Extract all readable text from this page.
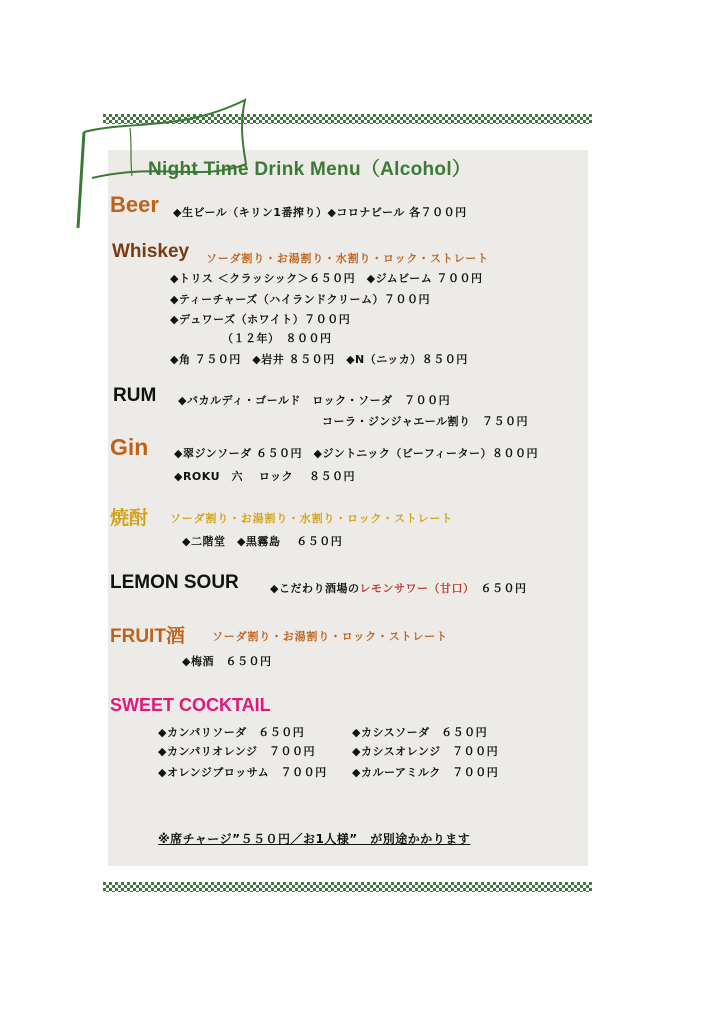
Night Time Drink Menu（Alcohol）
Beer ◆生ビール（キリン1番搾り）◆コロナビール 各７００円
Whiskey ソーダ割り・お湯割り・水割り・ロック・ストレート
◆トリス ＜クラッシック＞６５０円　◆ジムビーム ７００円
◆ティーチャーズ（ハイランドクリーム）７００円
◆デュワーズ（ホワイト）７００円
（１２年）　８００円
◆角 ７５０円　◆岩井 ８５０円　◆N（ニッカ）８５０円
RUM ◆バカルディ・ゴールド　ロック・ソーダ　７００円
コーラ・ジンジャエール割り　７５０円
Gin ◆翠ジンソーダ ６５０円　◆ジントニック（ビーフィーター）８００円
◆ROKU　六　 ロック　 ８５０円
焼酎 ソーダ割り・お湯割り・水割り・ロック・ストレート
◆二階堂　◆黒霧島　 ６５０円
LEMON SOUR	◆こだわり酒場のレモンサワー（甘口）　６５０円
FRUIT酒 ソーダ割り・お湯割り・ロック・ストレート
◆梅酒　６５０円
SWEET COCKTAIL
◆カンパリソーダ　６５０円
◆カンパリオレンジ　７００円
◆オレンジブロッサム　７００円
◆カシスソーダ　６５０円
◆カシスオレンジ　７００円
◆カルーアミルク　７００円
※席チャージ”５５０円／お1人様”　が別途かかります
